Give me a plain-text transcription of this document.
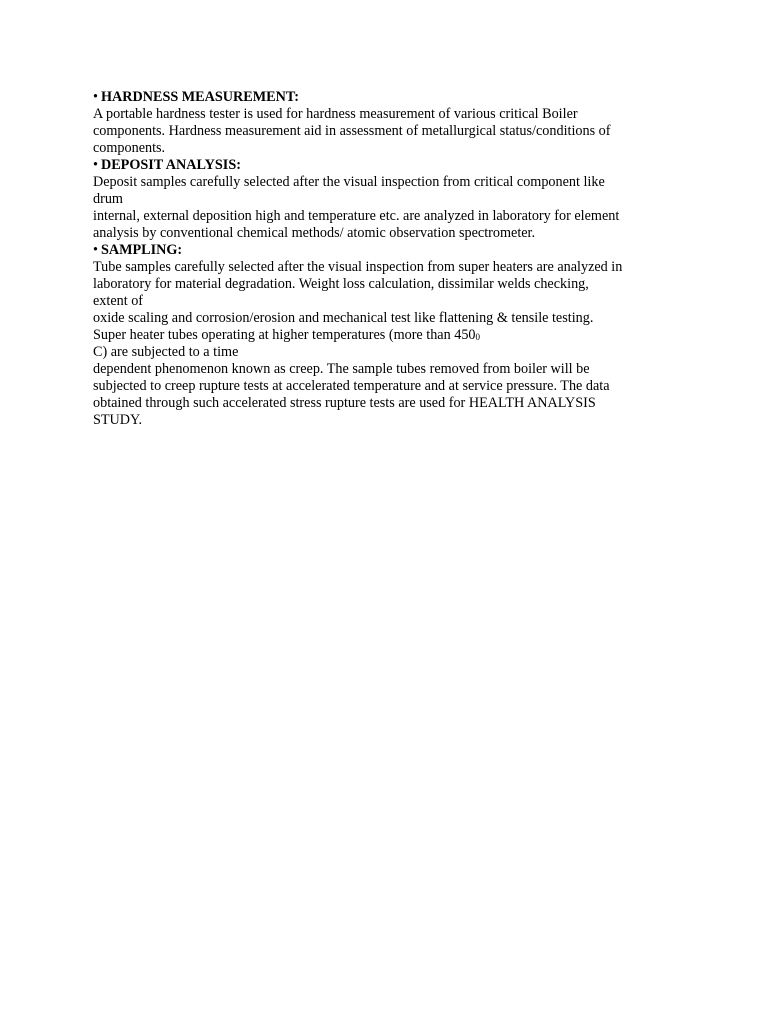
• HARDNESS MEASUREMENT:
A portable hardness tester is used for hardness measurement of various critical Boiler
components. Hardness measurement aid in assessment of metallurgical status/conditions of
components.
• DEPOSIT ANALYSIS:
Deposit samples carefully selected after the visual inspection from critical component like
drum
internal, external deposition high and temperature etc. are analyzed in laboratory for element
analysis by conventional chemical methods/ atomic observation spectrometer.
• SAMPLING:
Tube samples carefully selected after the visual inspection from super heaters are analyzed in
laboratory for material degradation. Weight loss calculation, dissimilar welds checking,
extent of
oxide scaling and corrosion/erosion and mechanical test like flattening & tensile testing.
Super heater tubes operating at higher temperatures (more than $450_0$
C) are subjected to a time
dependent phenomenon known as creep. The sample tubes removed from boiler will be
subjected to creep rupture tests at accelerated temperature and at service pressure. The data
obtained through such accelerated stress rupture tests are used for HEALTH ANALYSIS
STUDY.
